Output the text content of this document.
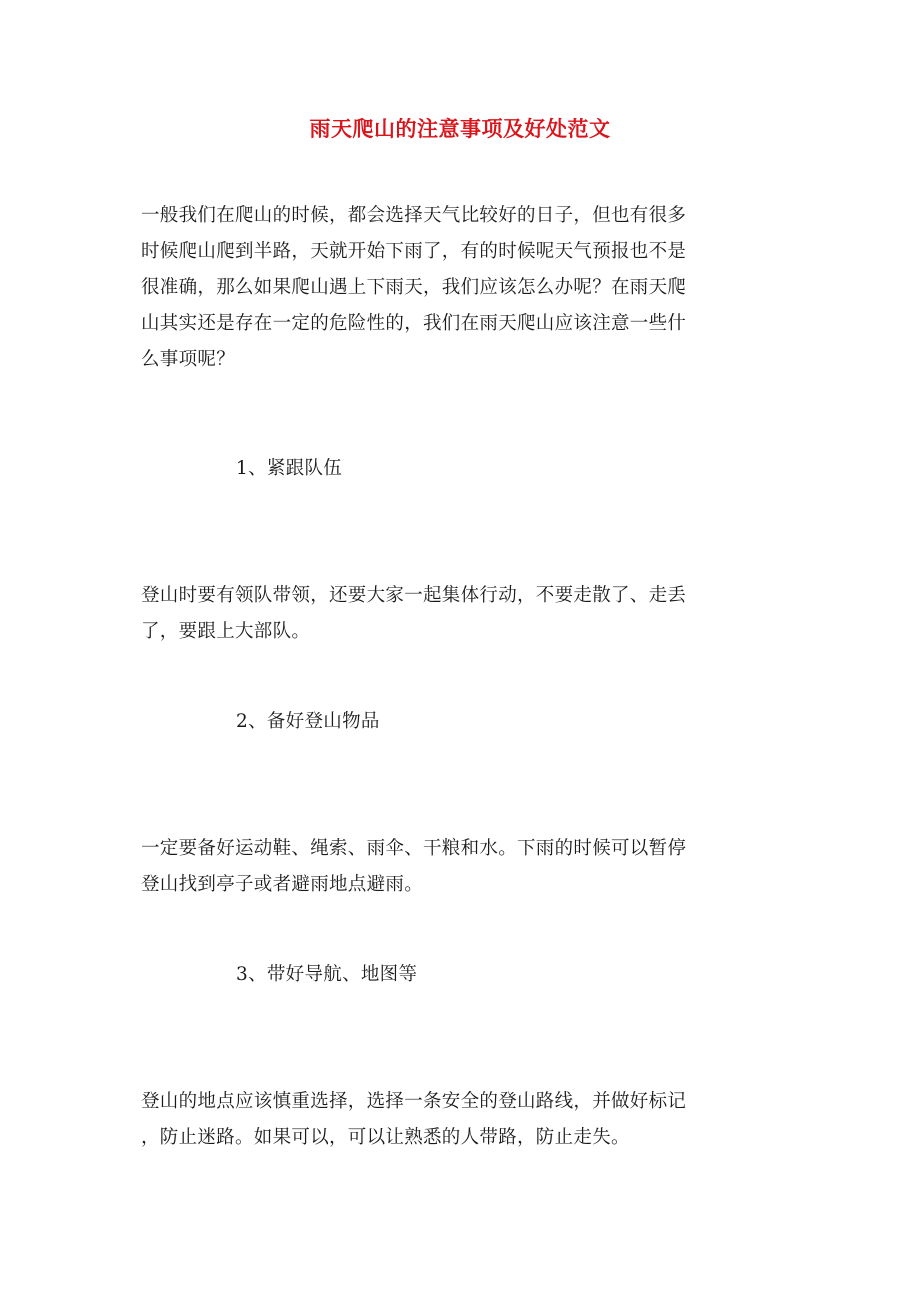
雨天爬山的注意事项及好处范文

一般我们在爬山的时候，都会选择天气比较好的日子，但也有很多
时候爬山爬到半路，天就开始下雨了，有的时候呢天气预报也不是
很准确，那么如果爬山遇上下雨天，我们应该怎么办呢？在雨天爬
山其实还是存在一定的危险性的，我们在雨天爬山应该注意一些什
么事项呢？

1、紧跟队伍

登山时要有领队带领，还要大家一起集体行动，不要走散了、走丢
了，要跟上大部队。

2、备好登山物品

一定要备好运动鞋、绳索、雨伞、干粮和水。下雨的时候可以暂停
登山找到亭子或者避雨地点避雨。

3、带好导航、地图等

登山的地点应该慎重选择，选择一条安全的登山路线，并做好标记
，防止迷路。如果可以，可以让熟悉的人带路，防止走失。
